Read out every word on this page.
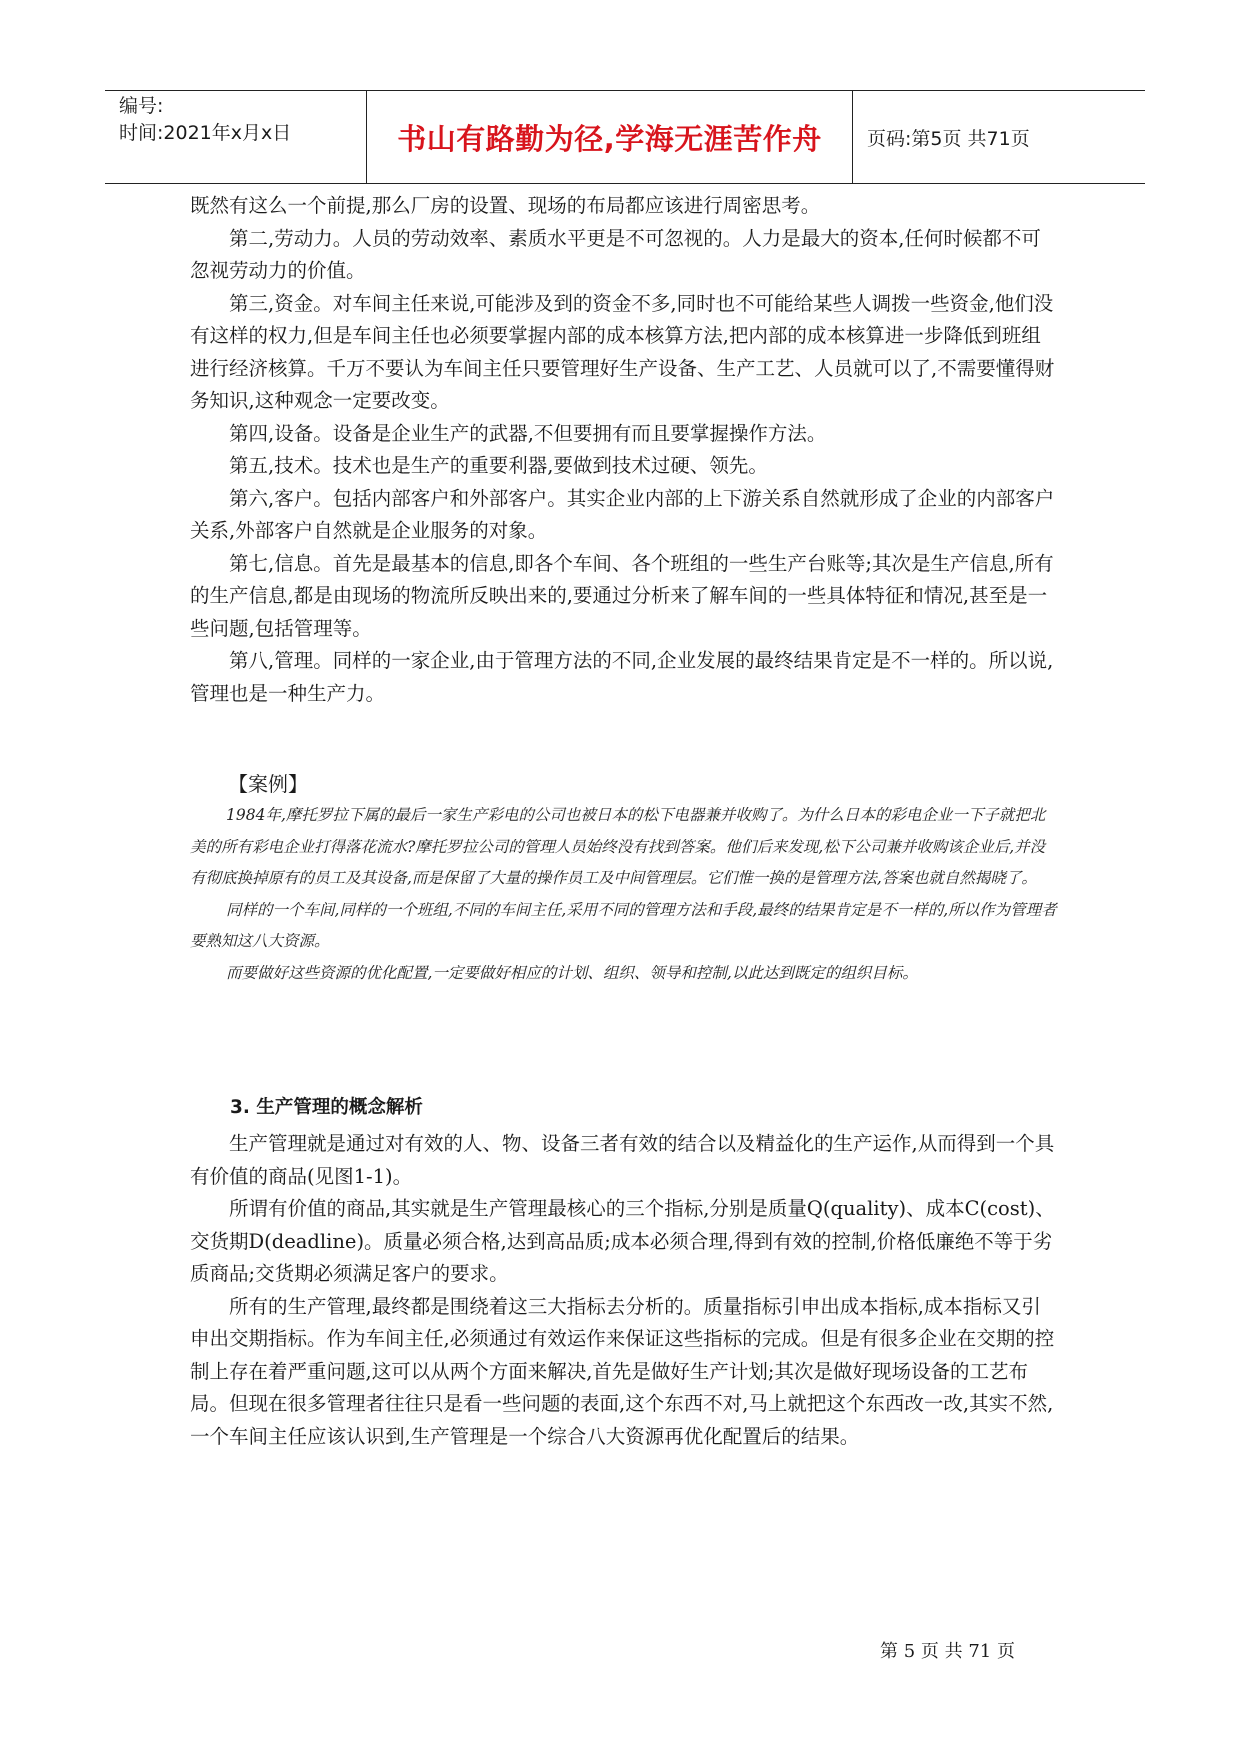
编号:
时间:2021年x月x日	书山有路勤为径,学海无涯苦作舟	页码:第5页 共71页

既然有这么一个前提,那么厂房的设置、现场的布局都应该进行周密思考。

第二,劳动力。人员的劳动效率、素质水平更是不可忽视的。人力是最大的资本,任何时候都不可忽视劳动力的价值。

第三,资金。对车间主任来说,可能涉及到的资金不多,同时也不可能给某些人调拨一些资金,他们没有这样的权力,但是车间主任也必须要掌握内部的成本核算方法,把内部的成本核算进一步降低到班组进行经济核算。千万不要认为车间主任只要管理好生产设备、生产工艺、人员就可以了,不需要懂得财务知识,这种观念一定要改变。

第四,设备。设备是企业生产的武器,不但要拥有而且要掌握操作方法。

第五,技术。技术也是生产的重要利器,要做到技术过硬、领先。

第六,客户。包括内部客户和外部客户。其实企业内部的上下游关系自然就形成了企业的内部客户关系,外部客户自然就是企业服务的对象。

第七,信息。首先是最基本的信息,即各个车间、各个班组的一些生产台账等;其次是生产信息,所有的生产信息,都是由现场的物流所反映出来的,要通过分析来了解车间的一些具体特征和情况,甚至是一些问题,包括管理等。

第八,管理。同样的一家企业,由于管理方法的不同,企业发展的最终结果肯定是不一样的。所以说,管理也是一种生产力。

【案例】

1984年,摩托罗拉下属的最后一家生产彩电的公司也被日本的松下电器兼并收购了。为什么日本的彩电企业一下子就把北美的所有彩电企业打得落花流水?摩托罗拉公司的管理人员始终没有找到答案。他们后来发现,松下公司兼并收购该企业后,并没有彻底换掉原有的员工及其设备,而是保留了大量的操作员工及中间管理层。它们惟一换的是管理方法,答案也就自然揭晓了。

同样的一个车间,同样的一个班组,不同的车间主任,采用不同的管理方法和手段,最终的结果肯定是不一样的,所以作为管理者要熟知这八大资源。

而要做好这些资源的优化配置,一定要做好相应的计划、组织、领导和控制,以此达到既定的组织目标。

3. 生产管理的概念解析

生产管理就是通过对有效的人、物、设备三者有效的结合以及精益化的生产运作,从而得到一个具有价值的商品(见图1-1)。

所谓有价值的商品,其实就是生产管理最核心的三个指标,分别是质量Q(quality)、成本C(cost)、交货期D(deadline)。质量必须合格,达到高品质;成本必须合理,得到有效的控制,价格低廉绝不等于劣质商品;交货期必须满足客户的要求。

所有的生产管理,最终都是围绕着这三大指标去分析的。质量指标引申出成本指标,成本指标又引申出交期指标。作为车间主任,必须通过有效运作来保证这些指标的完成。但是有很多企业在交期的控制上存在着严重问题,这可以从两个方面来解决,首先是做好生产计划;其次是做好现场设备的工艺布局。但现在很多管理者往往只是看一些问题的表面,这个东西不对,马上就把这个东西改一改,其实不然,一个车间主任应该认识到,生产管理是一个综合八大资源再优化配置后的结果。

第 5 页 共 71 页
